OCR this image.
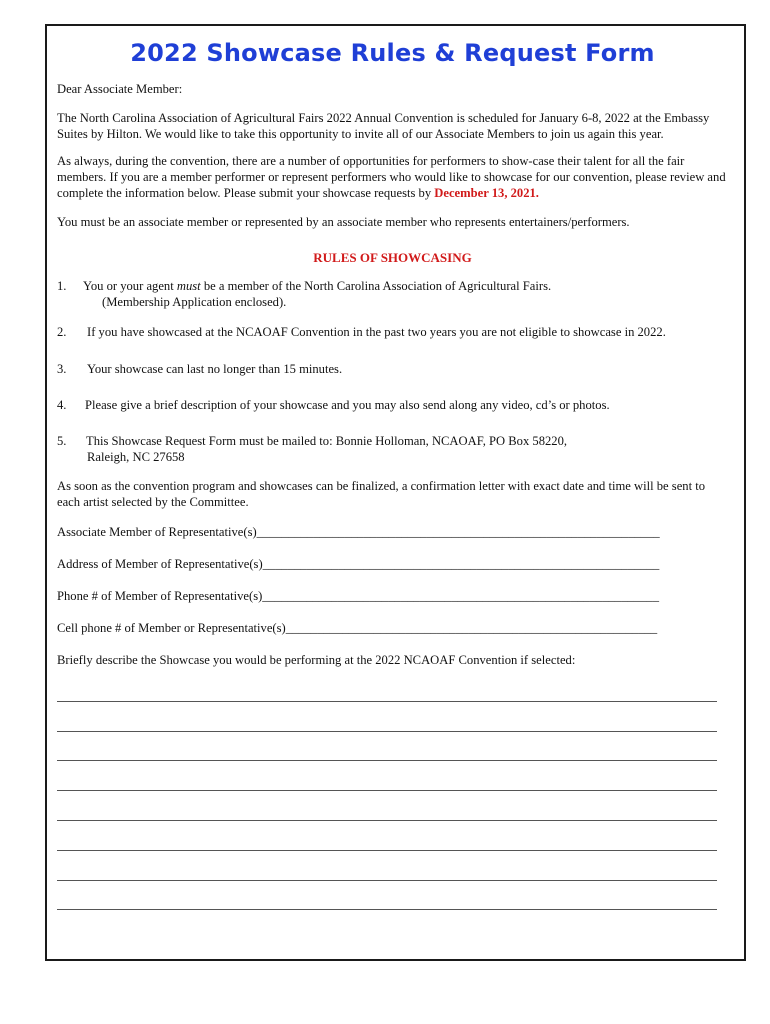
2022 Showcase Rules & Request Form

Dear Associate Member:

The North Carolina Association of Agricultural Fairs 2022 Annual Convention is scheduled for January 6-8, 2022 at the Embassy Suites by Hilton. We would like to take this opportunity to invite all of our Associate Members to join us again this year.

As always, during the convention, there are a number of opportunities for performers to show-case their talent for all the fair members. If you are a member performer or represent performers who would like to showcase for our convention, please review and complete the information below. Please submit your showcase requests by December 13, 2021.

You must be an associate member or represented by an associate member who represents entertainers/performers.

RULES OF SHOWCASING
1. You or your agent must be a member of the North Carolina Association of Agricultural Fairs.
(Membership Application enclosed).
2. If you have showcased at the NCAOAF Convention in the past two years you are not eligible to showcase in 2022.
3. Your showcase can last no longer than 15 minutes.
4. Please give a brief description of your showcase and you may also send along any video, cd’s or photos.
5. This Showcase Request Form must be mailed to: Bonnie Holloman, NCAOAF, PO Box 58220,
Raleigh, NC 27658

As soon as the convention program and showcases can be finalized, a confirmation letter with exact date and time will be sent to each artist selected by the Committee.

Associate Member of Representative(s)________________________________________________________________
Address of Member of Representative(s)_______________________________________________________________
Phone # of Member of Representative(s)_______________________________________________________________
Cell phone # of Member or Representative(s)___________________________________________________________

Briefly describe the Showcase you would be performing at the 2022 NCAOAF Convention if selected:
